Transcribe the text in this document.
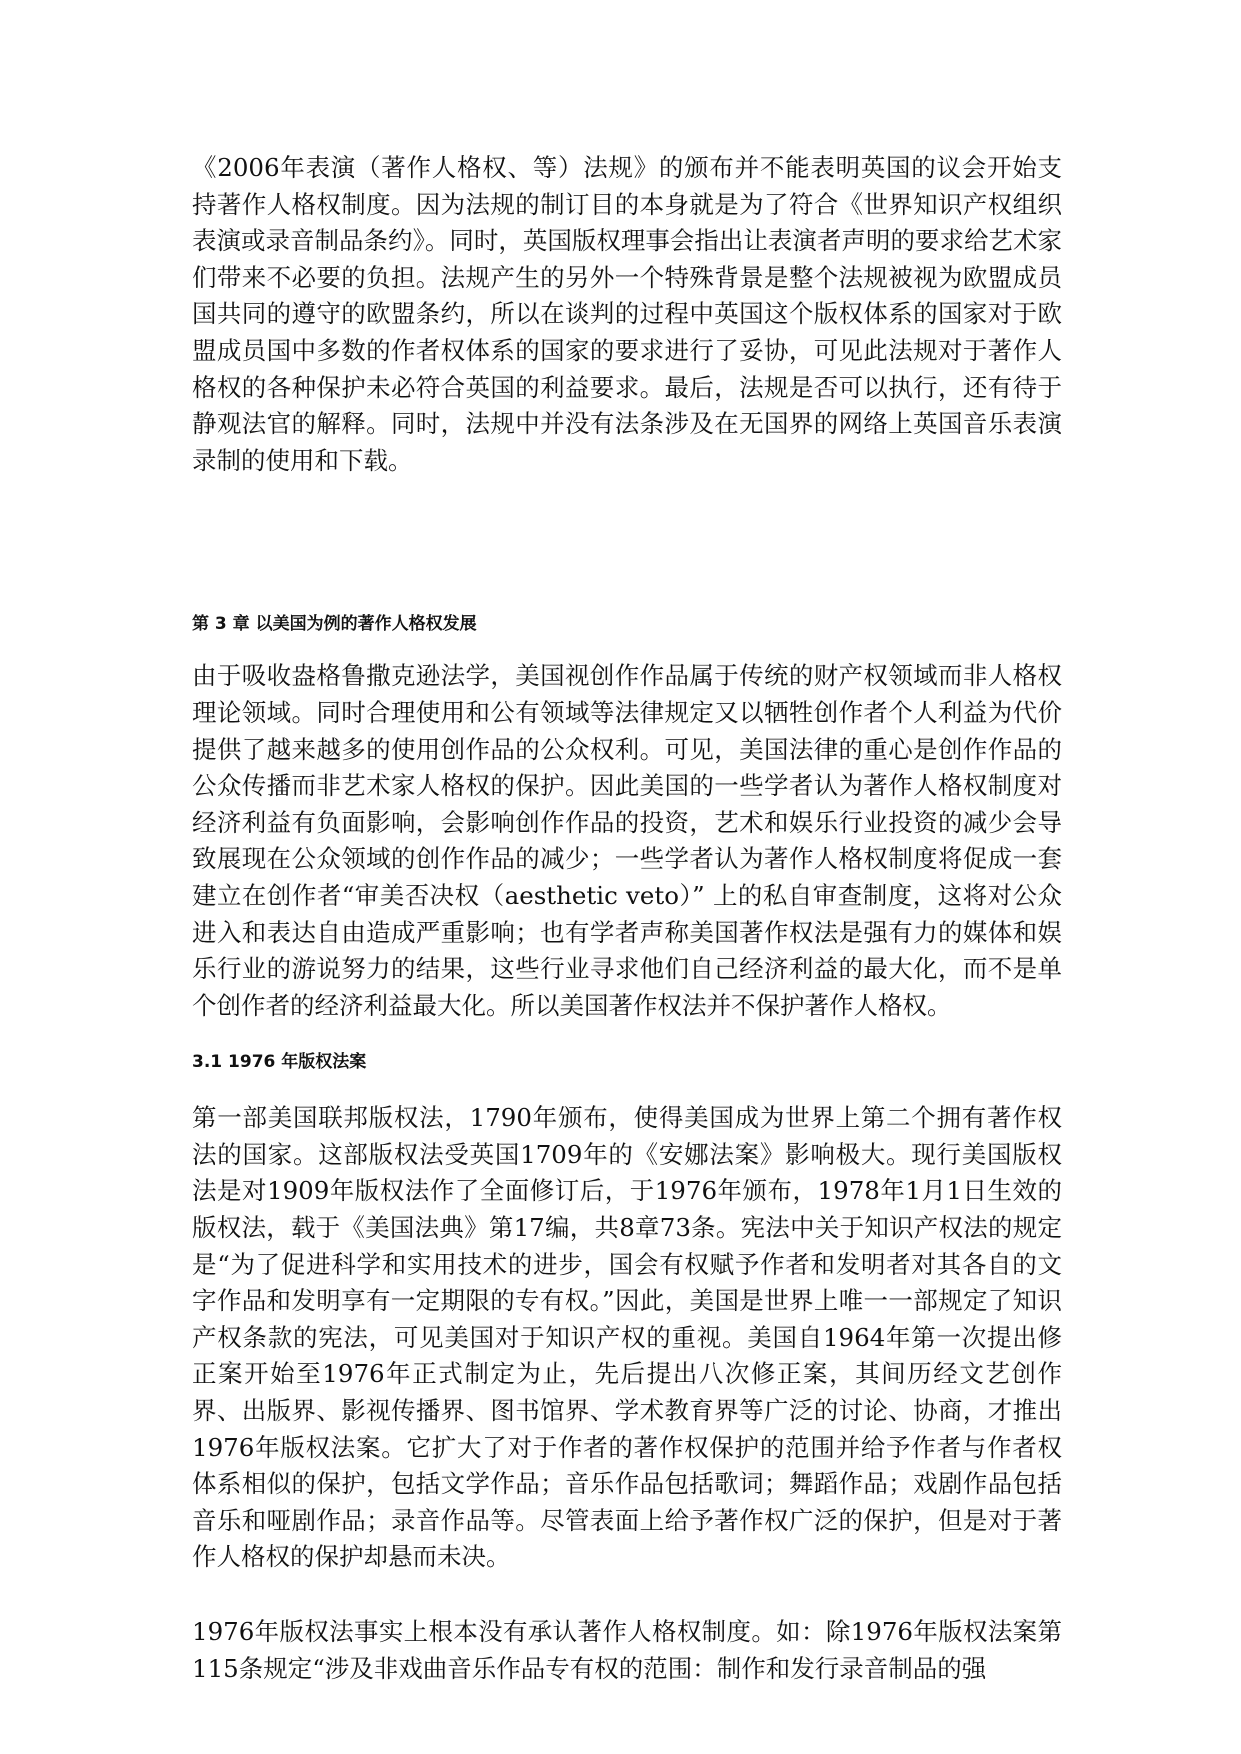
《2006年表演（著作人格权、等）法规》的颁布并不能表明英国的议会开始支持著作人格权制度。因为法规的制订目的本身就是为了符合《世界知识产权组织表演或录音制品条约》。同时，英国版权理事会指出让表演者声明的要求给艺术家们带来不必要的负担。法规产生的另外一个特殊背景是整个法规被视为欧盟成员国共同的遵守的欧盟条约，所以在谈判的过程中英国这个版权体系的国家对于欧盟成员国中多数的作者权体系的国家的要求进行了妥协，可见此法规对于著作人格权的各种保护未必符合英国的利益要求。最后，法规是否可以执行，还有待于静观法官的解释。同时，法规中并没有法条涉及在无国界的网络上英国音乐表演录制的使用和下载。

第 3 章 以美国为例的著作人格权发展

由于吸收盎格鲁撒克逊法学，美国视创作作品属于传统的财产权领域而非人格权理论领域。同时合理使用和公有领域等法律规定又以牺牲创作者个人利益为代价提供了越来越多的使用创作品的公众权利。可见，美国法律的重心是创作作品的公众传播而非艺术家人格权的保护。因此美国的一些学者认为著作人格权制度对经济利益有负面影响，会影响创作作品的投资，艺术和娱乐行业投资的减少会导致展现在公众领域的创作作品的减少；一些学者认为著作人格权制度将促成一套建立在创作者“审美否决权（aesthetic veto）” 上的私自审查制度，这将对公众进入和表达自由造成严重影响；也有学者声称美国著作权法是强有力的媒体和娱乐行业的游说努力的结果，这些行业寻求他们自己经济利益的最大化，而不是单个创作者的经济利益最大化。所以美国著作权法并不保护著作人格权。

3.1 1976 年版权法案

第一部美国联邦版权法，1790年颁布，使得美国成为世界上第二个拥有著作权法的国家。这部版权法受英国1709年的《安娜法案》影响极大。现行美国版权法是对1909年版权法作了全面修订后，于1976年颁布，1978年1月1日生效的版权法，载于《美国法典》第17编，共8章73条。宪法中关于知识产权法的规定是“为了促进科学和实用技术的进步，国会有权赋予作者和发明者对其各自的文字作品和发明享有一定期限的专有权。”因此，美国是世界上唯一一部规定了知识产权条款的宪法，可见美国对于知识产权的重视。美国自1964年第一次提出修正案开始至1976年正式制定为止，先后提出八次修正案，其间历经文艺创作界、出版界、影视传播界、图书馆界、学术教育界等广泛的讨论、协商，才推出1976年版权法案。它扩大了对于作者的著作权保护的范围并给予作者与作者权体系相似的保护，包括文学作品；音乐作品包括歌词；舞蹈作品；戏剧作品包括音乐和哑剧作品；录音作品等。尽管表面上给予著作权广泛的保护，但是对于著作人格权的保护却悬而未决。

1976年版权法事实上根本没有承认著作人格权制度。如：除1976年版权法案第115条规定“涉及非戏曲音乐作品专有权的范围：制作和发行录音制品的强
